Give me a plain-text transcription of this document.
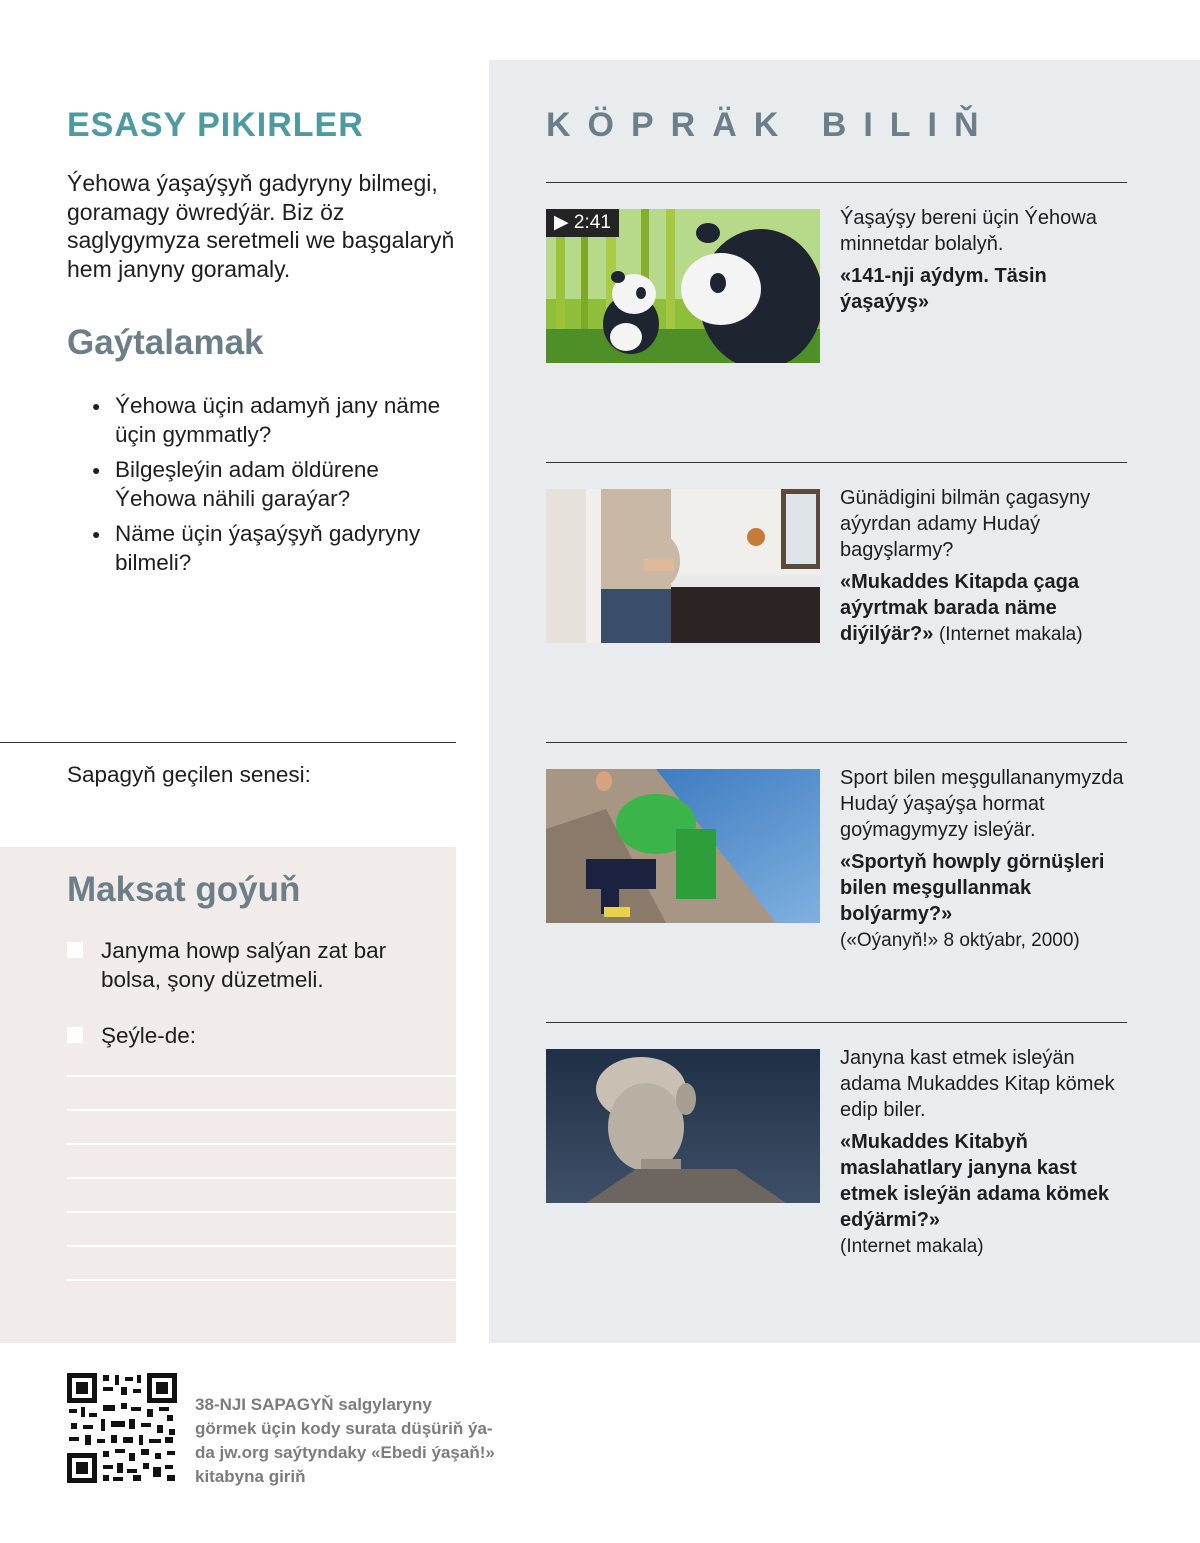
ESASY PIKIRLER

Ýehowa ýaşaýşyň gadyryny bilmegi, goramagy öwredýär. Biz öz saglygymyza seretmeli we başgalaryň hem janyny goramaly.

Gaýtalamak
● Ýehowa üçin adamyň jany näme üçin gymmatly?
● Bilgeşleýin adam öldürene Ýehowa nähili garaýar?
● Näme üçin ýaşaýşyň gadyryny bilmeli?

Sapagyň geçilen senesi:

Maksat goýuň
Janyma howp salýan zat bar bolsa, şony düzetmeli.
Şeýle-de:
KÖPRÄK BILIŇ
▶ 2:41	Ýaşaýşy bereni üçin Ýehowa minnetdar bolalyň.

«141-nji aýdym. Täsin ýaşaýyş»

Günädigini bilmän çagasyny aýyrdan adamy Hudaý bagyşlarmy?

«Mukaddes Kitapda çaga aýyrtmak barada näme diýilýär?» (Internet makala)

Sport bilen meşgullananymyzda Hudaý ýaşaýşa hormat goýmagymyzy isleýär.

«Sportyň howply görnüşleri bilen meşgullanmak bolýarmy?»
(«Oýanyň!» 8 oktýabr, 2000)

Janyna kast etmek isleýän adama Mukaddes Kitap kömek edip biler.

«Mukaddes Kitabyň maslahatlary janyna kast etmek isleýän adama kömek edýärmi?»
(Internet makala)

38-NJI SAPAGYŇ salgylaryny görmek üçin kody surata düşüriň ýa-da jw.org saýtyndaky «Ebedi ýaşaň!» kitabyna giriň
